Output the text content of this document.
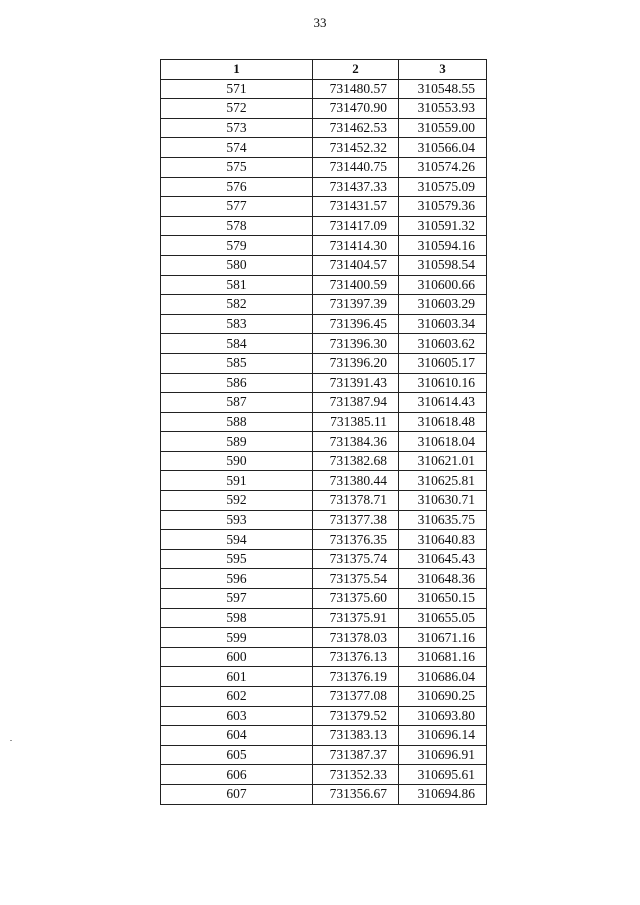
33
1	2	3
571	731480.57	310548.55
572	731470.90	310553.93
573	731462.53	310559.00
574	731452.32	310566.04
575	731440.75	310574.26
576	731437.33	310575.09
577	731431.57	310579.36
578	731417.09	310591.32
579	731414.30	310594.16
580	731404.57	310598.54
581	731400.59	310600.66
582	731397.39	310603.29
583	731396.45	310603.34
584	731396.30	310603.62
585	731396.20	310605.17
586	731391.43	310610.16
587	731387.94	310614.43
588	731385.11	310618.48
589	731384.36	310618.04
590	731382.68	310621.01
591	731380.44	310625.81
592	731378.71	310630.71
593	731377.38	310635.75
594	731376.35	310640.83
595	731375.74	310645.43
596	731375.54	310648.36
597	731375.60	310650.15
598	731375.91	310655.05
599	731378.03	310671.16
600	731376.13	310681.16
601	731376.19	310686.04
602	731377.08	310690.25
603	731379.52	310693.80
604	731383.13	310696.14
605	731387.37	310696.91
606	731352.33	310695.61
607	731356.67	310694.86
